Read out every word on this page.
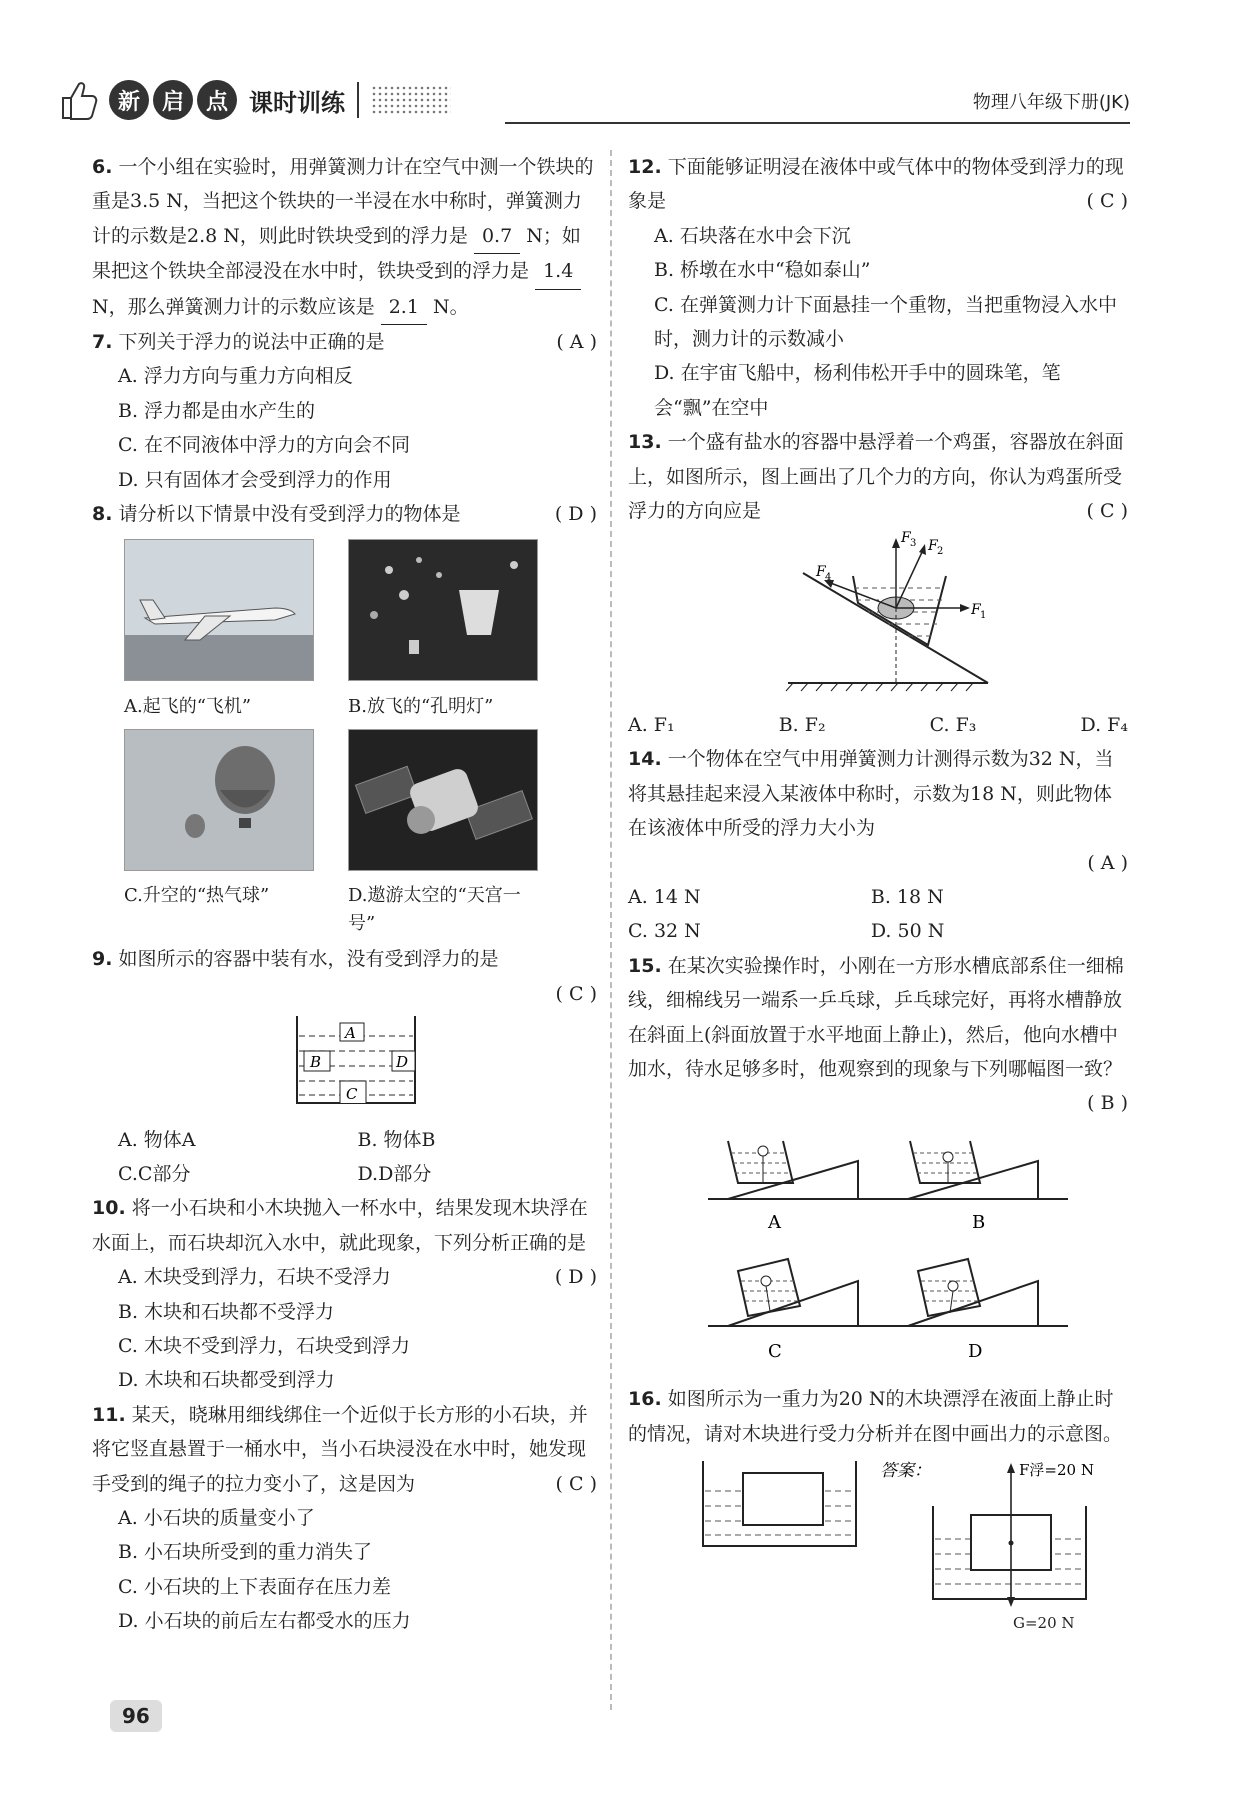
新 启 点 课时训练	物理八年级下册(JK)
6. 一个小组在实验时，用弹簧测力计在空气中测一个铁块的重是3.5 N，当把这个铁块的一半浸在水中称时，弹簧测力计的示数是2.8 N，则此时铁块受到的浮力是 0.7 N；如果把这个铁块全部浸没在水中时，铁块受到的浮力是 1.4 N，那么弹簧测力计的示数应该是 2.1 N。
7. 下列关于浮力的说法中正确的是	( A )
A. 浮力方向与重力方向相反
B. 浮力都是由水产生的
C. 在不同液体中浮力的方向会不同
D. 只有固体才会受到浮力的作用
8. 请分析以下情景中没有受到浮力的物体是	( D )
A.起飞的“飞机”	B.放飞的“孔明灯”
C.升空的“热气球”	D.遨游太空的“天宫一号”
9. 如图所示的容器中装有水，没有受到浮力的是
( C )
A
B
C
D
A. 物体A	B. 物体B
C.C部分	D.D部分
10. 将一小石块和小木块抛入一杯水中，结果发现木块浮在水面上，而石块却沉入水中，就此现象，下列分析正确的是
( D )
A. 木块受到浮力，石块不受浮力
B. 木块和石块都不受浮力
C. 木块不受到浮力，石块受到浮力
D. 木块和石块都受到浮力
11. 某天，晓琳用细线绑住一个近似于长方形的小石块，并将它竖直悬置于一桶水中，当小石块浸没在水中时，她发现手受到的绳子的拉力变小了，这是因为	( C )
A. 小石块的质量变小了
B. 小石块所受到的重力消失了
C. 小石块的上下表面存在压力差
D. 小石块的前后左右都受水的压力
12. 下面能够证明浸在液体中或气体中的物体受到浮力的现象是	( C )
A. 石块落在水中会下沉
B. 桥墩在水中“稳如泰山”
C. 在弹簧测力计下面悬挂一个重物，当把重物浸入水中时，测力计的示数减小
D. 在宇宙飞船中，杨利伟松开手中的圆珠笔，笔会“飘”在空中
13. 一个盛有盐水的容器中悬浮着一个鸡蛋，容器放在斜面上，如图所示，图上画出了几个力的方向，你认为鸡蛋所受浮力的方向应是	( C )
F 1
F 2
F 3
F 4
A. F₁	B. F₂	C. F₃	D. F₄
14. 一个物体在空气中用弹簧测力计测得示数为32 N，当将其悬挂起来浸入某液体中称时，示数为18 N，则此物体在该液体中所受的浮力大小为
( A )
A. 14 N	B. 18 N
C. 32 N	D. 50 N
15. 在某次实验操作时，小刚在一方形水槽底部系住一细棉线，细棉线另一端系一乒乓球，乒乓球完好，再将水槽静放在斜面上(斜面放置于水平地面上静止)，然后，他向水槽中加水，待水足够多时，他观察到的现象与下列哪幅图一致？
( B )
A	B
C	D
16. 如图所示为一重力为20 N的木块漂浮在液面上静止时的情况，请对木块进行受力分析并在图中画出力的示意图。
答案：	F浮=20 N
G=20 N
96
